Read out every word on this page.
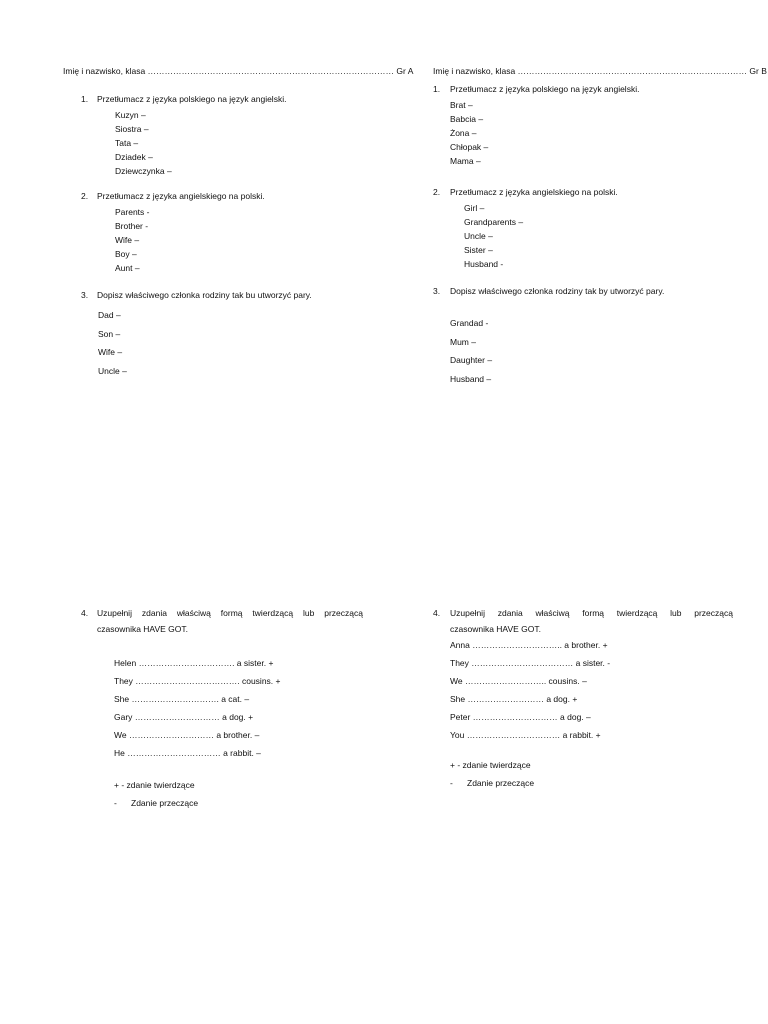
Imię i nazwisko, klasa …………………………………………………………………………… Gr A
1.	Przetłumacz z języka polskiego na język angielski.
Kuzyn –
Siostra –
Tata –
Dziadek –
Dziewczynka –
2.	Przetłumacz z języka angielskiego na polski.
Parents -
Brother -
Wife –
Boy –
Aunt –
3.	Dopisz właściwego członka rodziny tak bu utworzyć pary.
Dad –
Son –
Wife –
Uncle –
4.	Uzupełnij zdania właściwą formą twierdzącą lub przeczącą
czasownika HAVE GOT.
Helen ……………………………. a sister. +
They ………………………………. cousins. +
She …………………………. a cat. –
Gary ………………………… a dog. +
We ………………………… a brother. –
He …………………………… a rabbit. –
+ - zdanie twierdzące
- Zdanie przeczące
Imię i nazwisko, klasa ……………………………………………………………………… Gr B
1.	Przetłumacz z języka polskiego na język angielski.
Brat –
Babcia –
Żona –
Chłopak –
Mama –
2.	Przetłumacz z języka angielskiego na polski.
Girl –
Grandparents –
Uncle –
Sister –
Husband -
3.	Dopisz właściwego członka rodziny tak by utworzyć pary.
Grandad -
Mum –
Daughter –
Husband –
4.	Uzupełnij zdania właściwą formą twierdzącą lub przeczącą
czasownika HAVE GOT.
Anna ………………………….. a brother. +
They ……………………………… a sister. -
We ……………………….. cousins. –
She ……………………… a dog. +
Peter ………………………… a dog. –
You …………………………… a rabbit. +
+ - zdanie twierdzące
- Zdanie przeczące
